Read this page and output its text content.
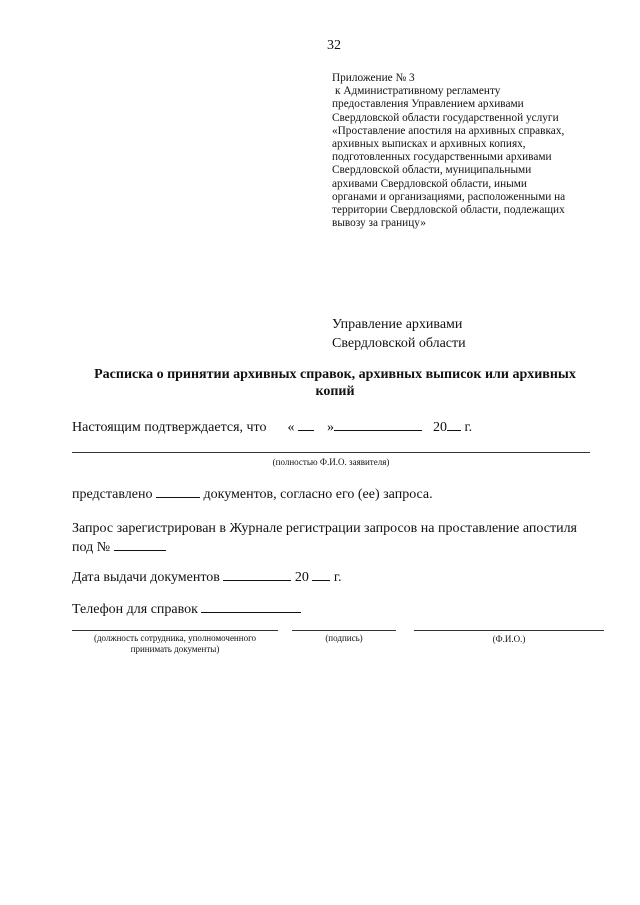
32
Приложение № 3
к Административному регламенту
предоставления Управлением архивами
Свердловской области государственной услуги
«Проставление апостиля на архивных справках,
архивных выписках и архивных копиях,
подготовленных государственными архивами
Свердловской области, муниципальными
архивами Свердловской области, иными
органами и организациями, расположенными на
территории Свердловской области, подлежащих
вывозу за границу»
Управление архивами
Свердловской области
Расписка о принятии архивных справок, архивных выписок или архивных
копий
Настоящим подтверждается, что « »	20 г.
(полностью Ф.И.О. заявителя)
представлено	документов, согласно его (ее) запроса.
Запрос зарегистрирован в Журнале регистрации запросов на проставление апостиля
под №
Дата выдачи документов	20 г.
Телефон для справок
(должность сотрудника, уполномоченного
принимать документы)
(подпись)	(Ф.И.О.)
